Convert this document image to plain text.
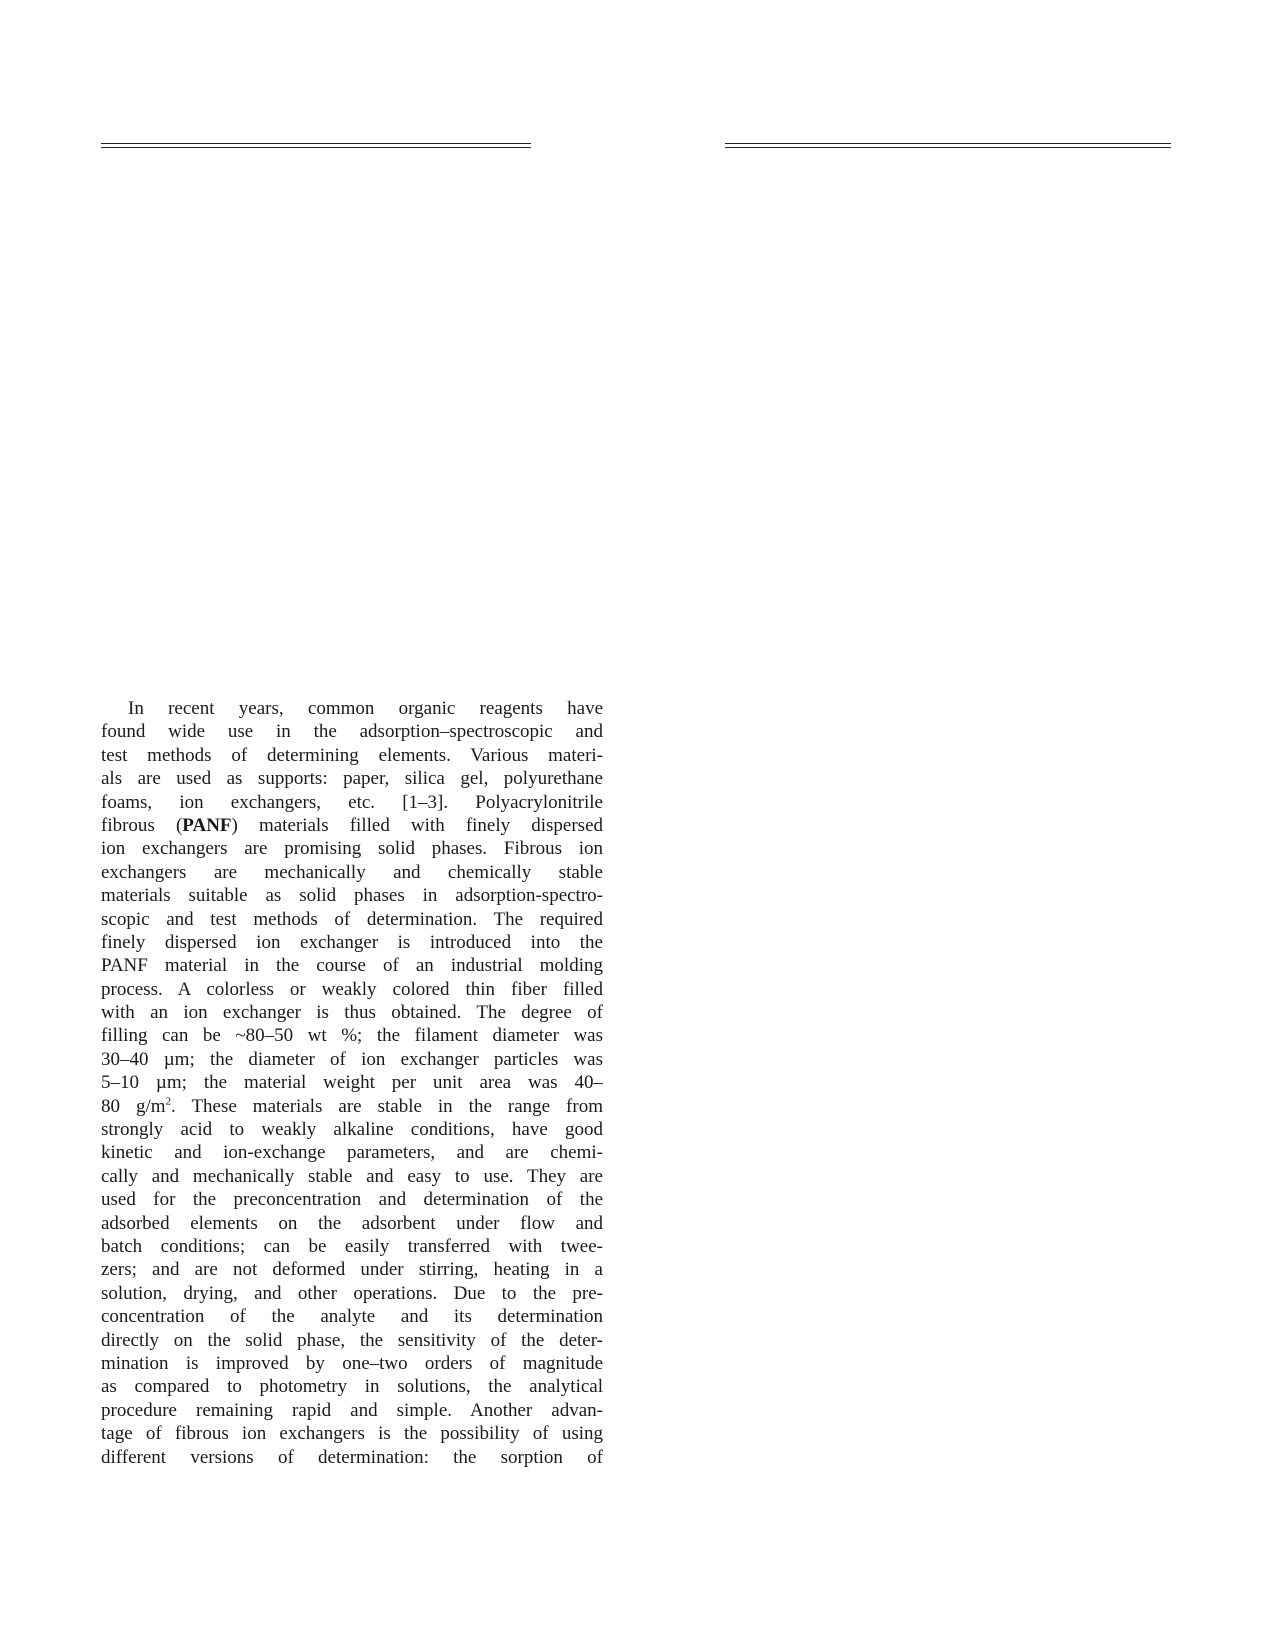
In recent years, common organic reagents have
found wide use in the adsorption–spectroscopic and
test methods of determining elements. Various materi-
als are used as supports: paper, silica gel, polyurethane
foams, ion exchangers, etc. [1–3]. Polyacrylonitrile
fibrous (PANF) materials filled with finely dispersed
ion exchangers are promising solid phases. Fibrous ion
exchangers are mechanically and chemically stable
materials suitable as solid phases in adsorption-spectro-
scopic and test methods of determination. The required
finely dispersed ion exchanger is introduced into the
PANF material in the course of an industrial molding
process. A colorless or weakly colored thin fiber filled
with an ion exchanger is thus obtained. The degree of
filling can be ~80–50 wt %; the filament diameter was
30–40 µm; the diameter of ion exchanger particles was
5–10 µm; the material weight per unit area was 40–
80 $g/m^2$. These materials are stable in the range from
strongly acid to weakly alkaline conditions, have good
kinetic and ion-exchange parameters, and are chemi-
cally and mechanically stable and easy to use. They are
used for the preconcentration and determination of the
adsorbed elements on the adsorbent under flow and
batch conditions; can be easily transferred with twee-
zers; and are not deformed under stirring, heating in a
solution, drying, and other operations. Due to the pre-
concentration of the analyte and its determination
directly on the solid phase, the sensitivity of the deter-
mination is improved by one–two orders of magnitude
as compared to photometry in solutions, the analytical
procedure remaining rapid and simple. Another advan-
tage of fibrous ion exchangers is the possibility of using
different versions of determination: the sorption of
